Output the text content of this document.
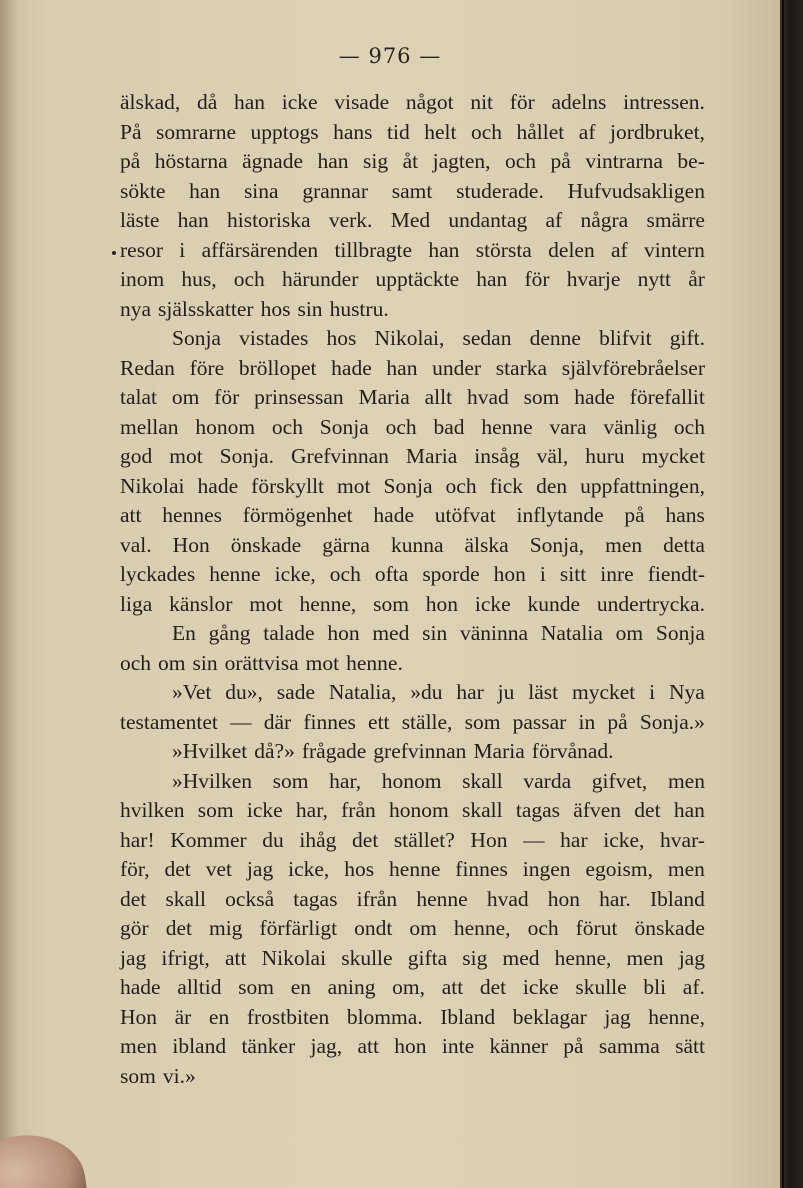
— 976 —
älskad, då han icke visade något nit för adelns intressen.
På somrarne upptogs hans tid helt och hållet af jordbruket,
på höstarna ägnade han sig åt jagten, och på vintrarna be-
sökte han sina grannar samt studerade. Hufvudsakligen
läste han historiska verk. Med undantag af några smärre
resor i affärsärenden tillbragte han största delen af vintern
inom hus, och härunder upptäckte han för hvarje nytt år
nya själsskatter hos sin hustru.
Sonja vistades hos Nikolai, sedan denne blifvit gift.
Redan före bröllopet hade han under starka självförebråelser
talat om för prinsessan Maria allt hvad som hade förefallit
mellan honom och Sonja och bad henne vara vänlig och
god mot Sonja. Grefvinnan Maria insåg väl, huru mycket
Nikolai hade förskyllt mot Sonja och fick den uppfattningen,
att hennes förmögenhet hade utöfvat inflytande på hans
val. Hon önskade gärna kunna älska Sonja, men detta
lyckades henne icke, och ofta sporde hon i sitt inre fiendt-
liga känslor mot henne, som hon icke kunde undertrycka.
En gång talade hon med sin väninna Natalia om Sonja
och om sin orättvisa mot henne.
»Vet du», sade Natalia, »du har ju läst mycket i Nya
testamentet — där finnes ett ställe, som passar in på Sonja.»
»Hvilket då?» frågade grefvinnan Maria förvånad.
»Hvilken som har, honom skall varda gifvet, men
hvilken som icke har, från honom skall tagas äfven det han
har! Kommer du ihåg det stället? Hon — har icke, hvar-
för, det vet jag icke, hos henne finnes ingen egoism, men
det skall också tagas ifrån henne hvad hon har. Ibland
gör det mig förfärligt ondt om henne, och förut önskade
jag ifrigt, att Nikolai skulle gifta sig med henne, men jag
hade alltid som en aning om, att det icke skulle bli af.
Hon är en frostbiten blomma. Ibland beklagar jag henne,
men ibland tänker jag, att hon inte känner på samma sätt
som vi.»
